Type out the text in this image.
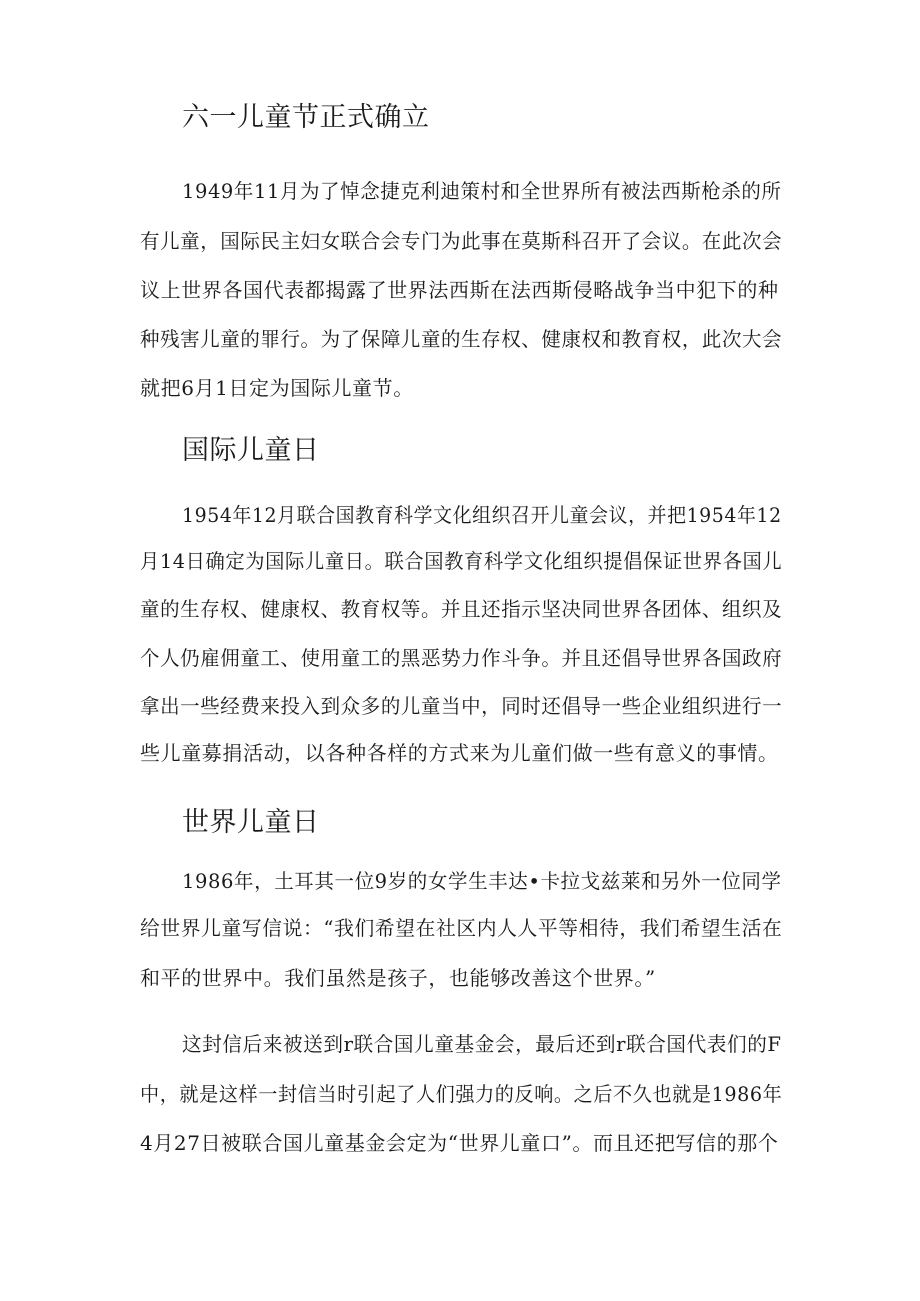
六一儿童节正式确立
1949年11月为了悼念捷克利迪策村和全世界所有被法西斯枪杀的所
有儿童，国际民主妇女联合会专门为此事在莫斯科召开了会议。在此次会
议上世界各国代表都揭露了世界法西斯在法西斯侵略战争当中犯下的种
种残害儿童的罪行。为了保障儿童的生存权、健康权和教育权，此次大会
就把6月1日定为国际儿童节。
国际儿童日
1954年12月联合国教育科学文化组织召开儿童会议，并把1954年12
月14日确定为国际儿童日。联合国教育科学文化组织提倡保证世界各国儿
童的生存权、健康权、教育权等。并且还指示坚决同世界各团体、组织及
个人仍雇佣童工、使用童工的黑恶势力作斗争。并且还倡导世界各国政府
拿出一些经费来投入到众多的儿童当中，同时还倡导一些企业组织进行一
些儿童募捐活动，以各种各样的方式来为儿童们做一些有意义的事情。
世界儿童日
1986年，土耳其一位9岁的女学生丰达•卡拉戈兹莱和另外一位同学
给世界儿童写信说：“我们希望在社区内人人平等相待，我们希望生活在
和平的世界中。我们虽然是孩子，也能够改善这个世界。”
这封信后来被送到r联合国儿童基金会，最后还到r联合国代表们的F
中，就是这样一封信当时引起了人们强力的反响。之后不久也就是1986年
4月27日被联合国儿童基金会定为“世界儿童口”。而且还把写信的那个
